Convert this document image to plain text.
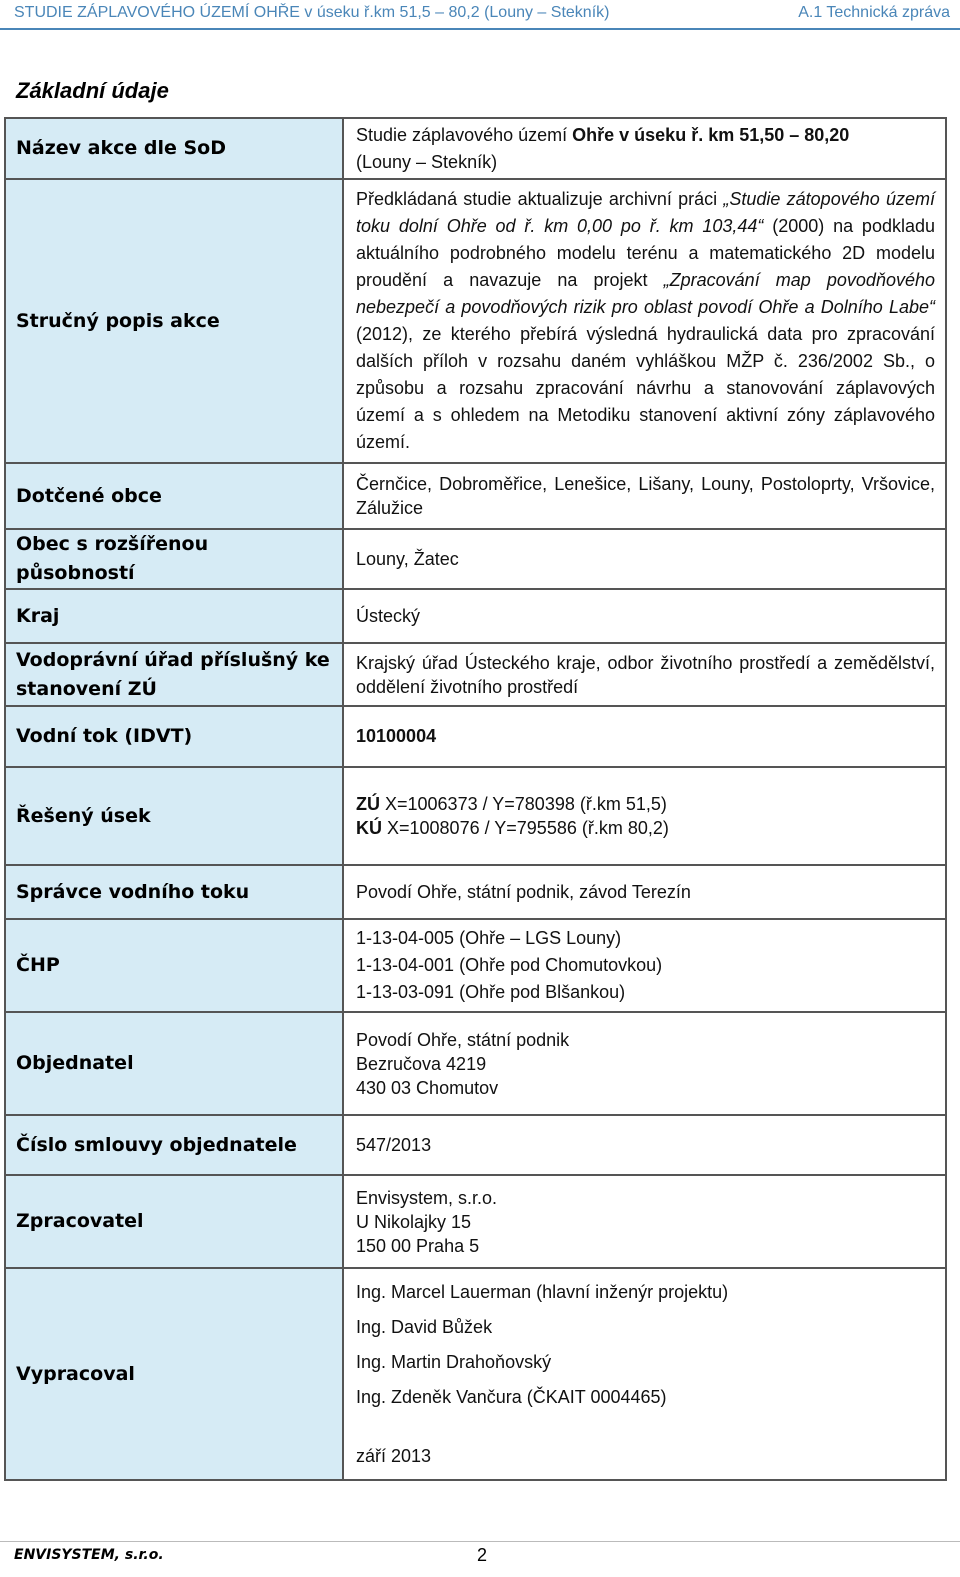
STUDIE ZÁPLAVOVÉHO ÚZEMÍ OHŘE v úseku ř.km 51,5 – 80,2 (Louny – Stekník)	A.1 Technická zpráva
Základní údaje
Název akce dle SoD	Studie záplavového území Ohře v úseku ř. km 51,50 – 80,20
(Louny – Stekník)
Stručný popis akce	Předkládaná studie aktualizuje archivní práci „Studie zátopového území toku dolní Ohře od ř. km 0,00 po ř. km 103,44“ (2000) na podkladu aktuálního podrobného modelu terénu a matematického 2D modelu proudění a navazuje na projekt „Zpracování map povodňového nebezpečí a povodňových rizik pro oblast povodí Ohře a Dolního Labe“ (2012), ze kterého přebírá výsledná hydraulická data pro zpracování dalších příloh v rozsahu daném vyhláškou MŽP č. 236/2002 Sb., o způsobu a rozsahu zpracování návrhu a stanovování záplavových území a s ohledem na Metodiku stanovení aktivní zóny záplavového území.
Dotčené obce	Černčice, Dobroměřice, Lenešice, Lišany, Louny, Postoloprty, Vršovice, Zálužice
Obec s rozšířenou působností	Louny, Žatec
Kraj	Ústecký
Vodoprávní úřad příslušný ke stanovení ZÚ	Krajský úřad Ústeckého kraje, odbor životního prostředí a zemědělství, oddělení životního prostředí
Vodní tok (IDVT)	10100004
Řešený úsek	ZÚ X=1006373 / Y=780398 (ř.km 51,5)
KÚ X=1008076 / Y=795586 (ř.km 80,2)

Správce vodního toku	Povodí Ohře, státní podnik, závod Terezín
ČHP	1-13-04-005 (Ohře – LGS Louny)
1-13-04-001 (Ohře pod Chomutovkou)
1-13-03-091 (Ohře pod Blšankou)

Objednatel	Povodí Ohře, státní podnik
Bezručova 4219
430 03 Chomutov

Číslo smlouvy objednatele	547/2013
Zpracovatel	Envisystem, s.r.o.
U Nikolajky 15
150 00 Praha 5

Vypracoval	Ing. Marcel Lauerman (hlavní inženýr projektu)
Ing. David Bůžek
Ing. Martin Drahoňovský
Ing. Zdeněk Vančura (ČKAIT 0004465)
září 2013
ENVISYSTEM, s.r.o.	2
